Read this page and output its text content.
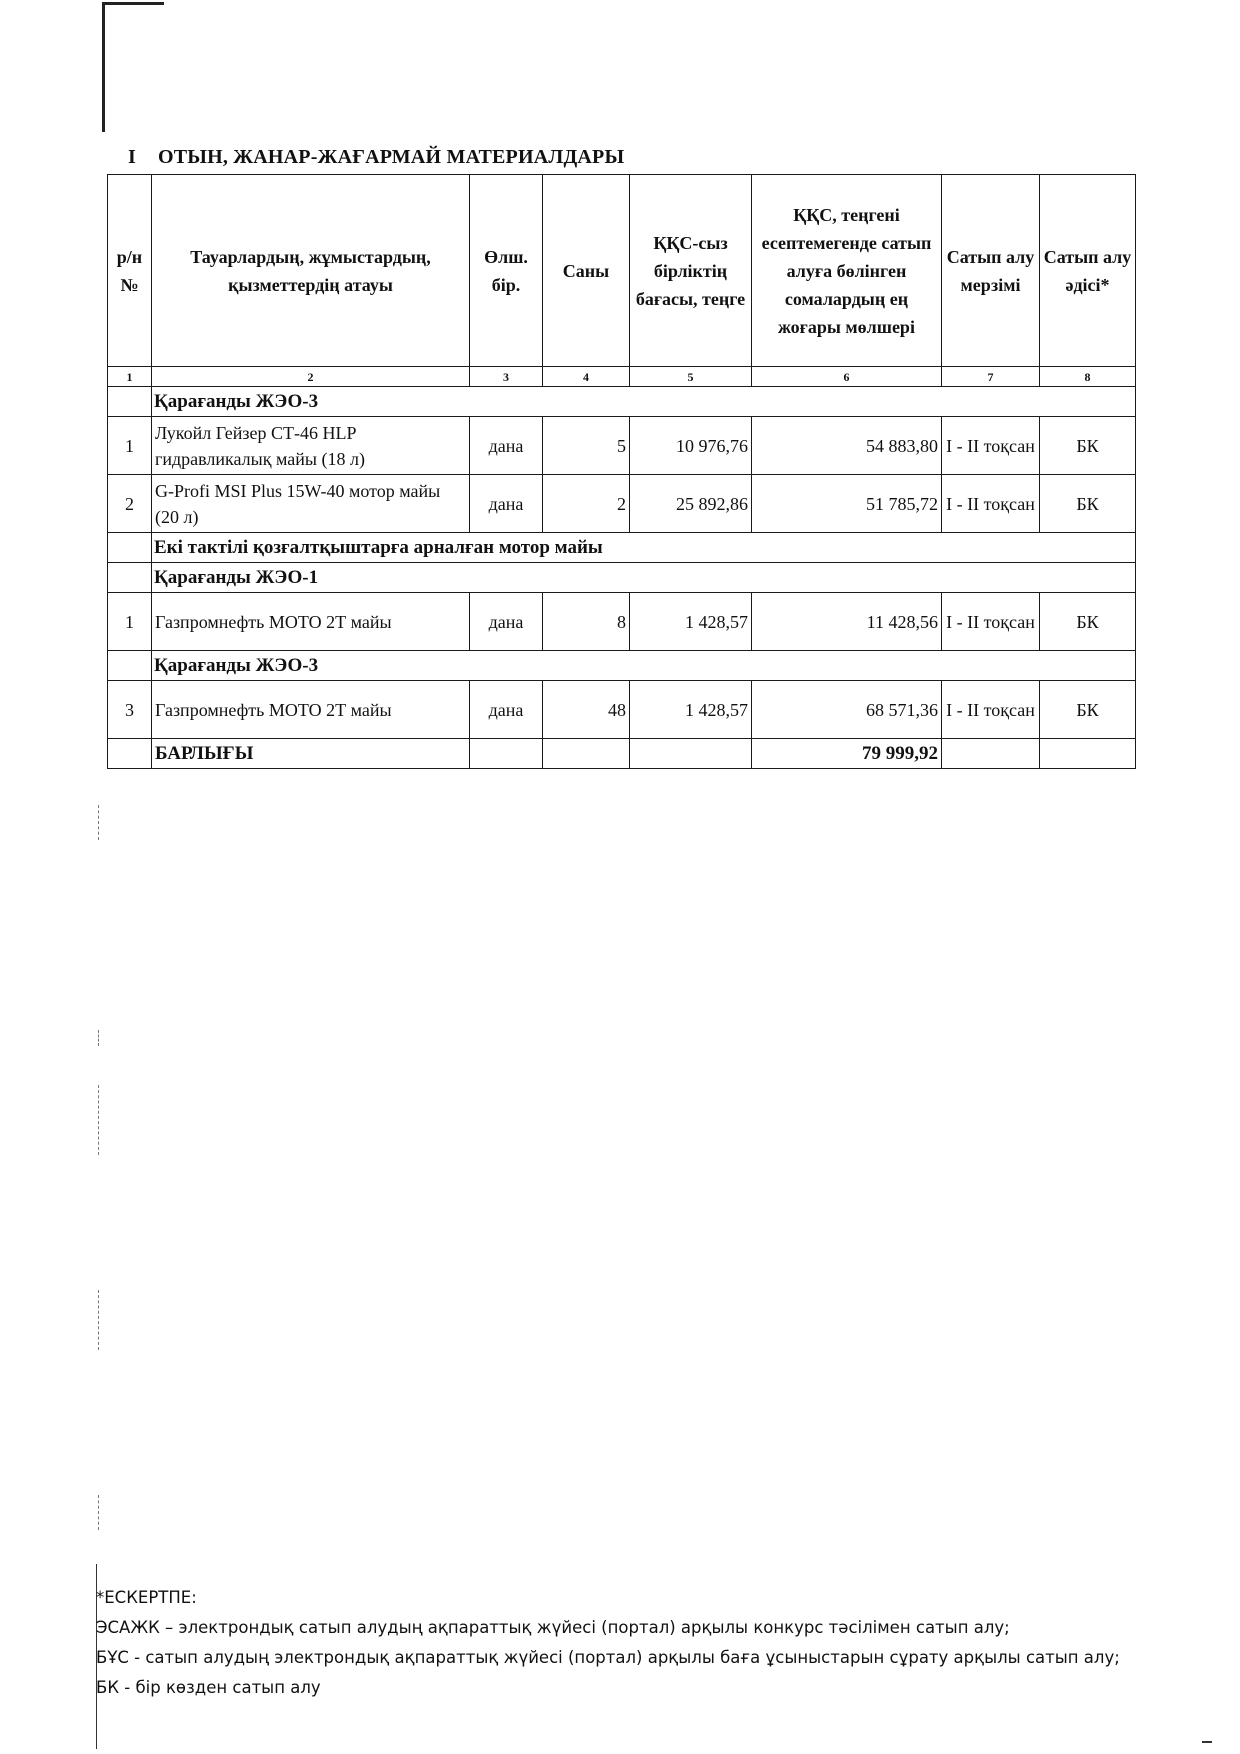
I ОТЫН, ЖАНАР-ЖАҒАРМАЙ МАТЕРИАЛДАРЫ
р/н №	Тауарлардың, жұмыстардың, қызметтердің атауы	Өлш. бір.	Саны	ҚҚС-сыз бірліктің бағасы, теңге	ҚҚС, теңгені есептемегенде сатып алуға бөлінген сомалардың ең жоғары мөлшері	Сатып алу мерзімі	Сатып алу әдісі*
1	2	3	4	5	6	7	8
	Қарағанды ЖЭО-3						
1	Лукойл Гейзер СТ-46 HLP гидравликалық майы (18 л)	дана	5	10 976,76	54 883,80	I - II тоқсан	БК
2	G-Profi MSI Plus 15W-40 мотор майы (20 л)	дана	2	25 892,86	51 785,72	I - II тоқсан	БК
	Екі тактілі қозғалтқыштарға арналған мотор майы						
	Қарағанды ЖЭО-1						
1	Газпромнефть МОТО 2Т майы	дана	8	1 428,57	11 428,56	I - II тоқсан	БК
	Қарағанды ЖЭО-3						
3	Газпромнефть МОТО 2Т майы	дана	48	1 428,57	68 571,36	I - II тоқсан	БК
	БАРЛЫҒЫ				79 999,92		

*ЕСКЕРТПЕ:

ЭСАЖК – электрондық сатып алудың ақпараттық жүйесі (портал) арқылы конкурс тәсілімен сатып алу;

БҰС - сатып алудың электрондық ақпараттық жүйесі (портал) арқылы баға ұсыныстарын сұрату арқылы сатып алу;

БК - бір көзден сатып алу
